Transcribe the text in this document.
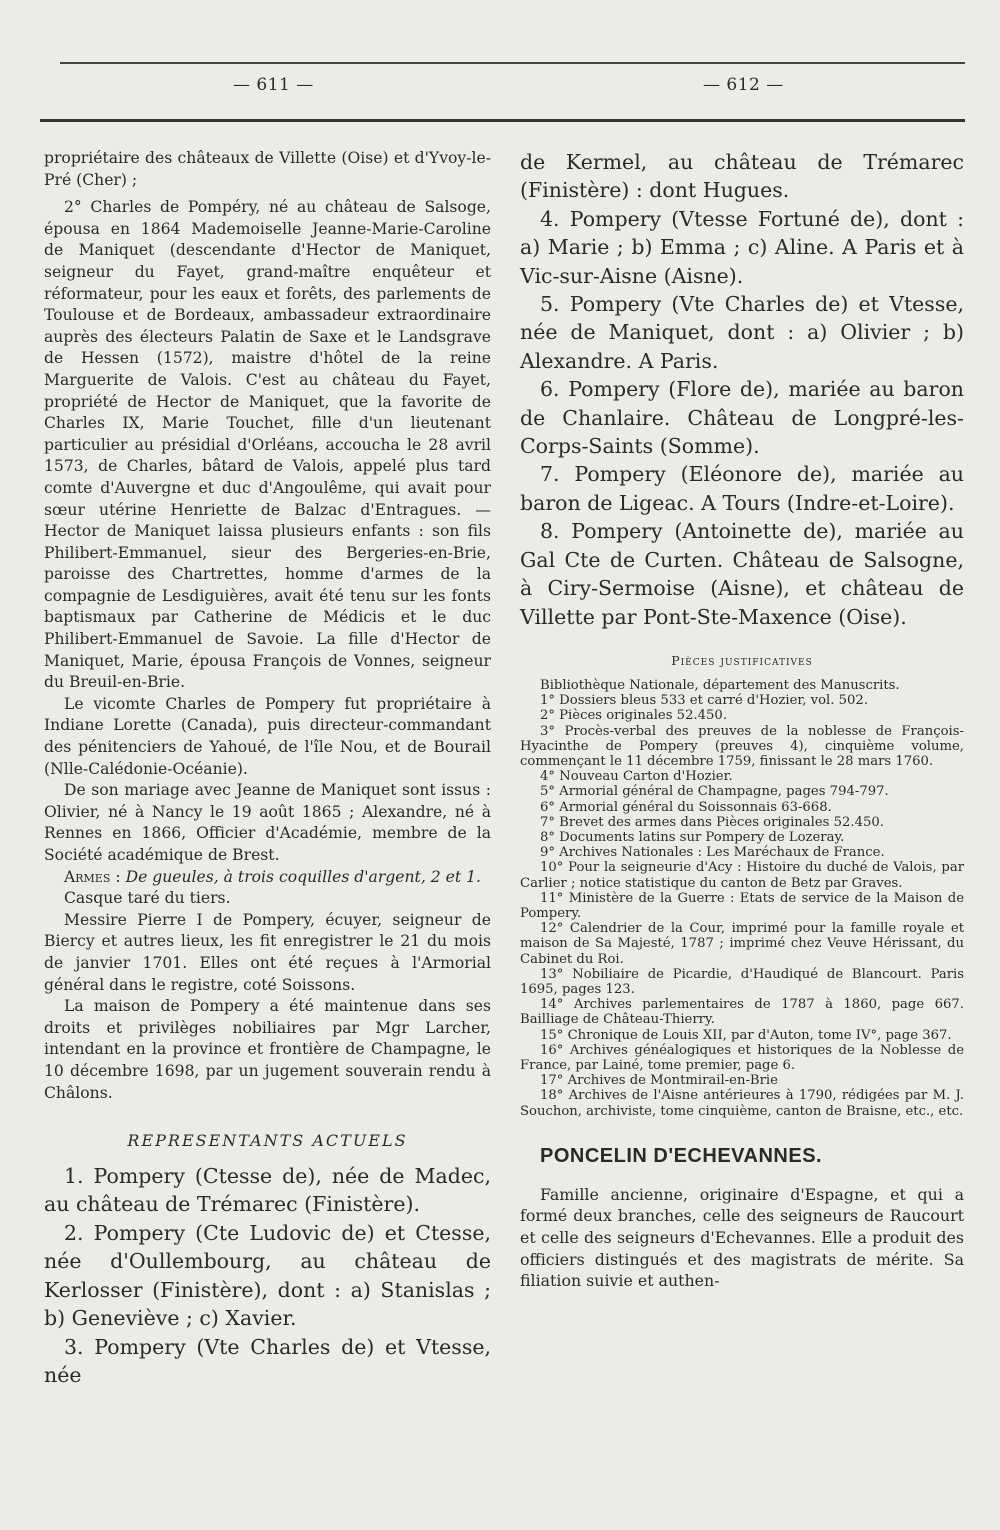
— 611 —	— 612 —

propriétaire des châteaux de Villette (Oise) et d'Yvoy-le-Pré (Cher) ;

2° Charles de Pompéry, né au château de Salsoge, épousa en 1864 Mademoiselle Jeanne-Marie-Caroline de Maniquet (descendante d'Hector de Maniquet, seigneur du Fayet, grand-maître enquêteur et réformateur, pour les eaux et forêts, des parlements de Toulouse et de Bordeaux, ambassadeur extraordinaire auprès des électeurs Palatin de Saxe et le Landsgrave de Hessen (1572), maistre d'hôtel de la reine Marguerite de Valois. C'est au château du Fayet, propriété de Hector de Maniquet, que la favorite de Charles IX, Marie Touchet, fille d'un lieutenant particulier au présidial d'Orléans, accoucha le 28 avril 1573, de Charles, bâtard de Valois, appelé plus tard comte d'Auvergne et duc d'Angoulême, qui avait pour sœur utérine Henriette de Balzac d'Entragues. — Hector de Maniquet laissa plusieurs enfants : son fils Philibert-Emmanuel, sieur des Bergeries-en-Brie, paroisse des Chartrettes, homme d'armes de la compagnie de Lesdiguières, avait été tenu sur les fonts baptismaux par Catherine de Médicis et le duc Philibert-Emmanuel de Savoie. La fille d'Hector de Maniquet, Marie, épousa François de Vonnes, seigneur du Breuil-en-Brie.

Le vicomte Charles de Pompery fut propriétaire à Indiane Lorette (Canada), puis directeur-commandant des pénitenciers de Yahoué, de l'île Nou, et de Bourail (Nlle-Calédonie-Océanie).

De son mariage avec Jeanne de Maniquet sont issus : Olivier, né à Nancy le 19 août 1865 ; Alexandre, né à Rennes en 1866, Officier d'Académie, membre de la Société académique de Brest.

Armes : De gueules, à trois coquilles d'argent, 2 et 1.

Casque taré du tiers.

Messire Pierre I de Pompery, écuyer, seigneur de Biercy et autres lieux, les fit enregistrer le 21 du mois de janvier 1701. Elles ont été reçues à l'Armorial général dans le registre, coté Soissons.

La maison de Pompery a été maintenue dans ses droits et privilèges nobiliaires par Mgr Larcher, intendant en la province et frontière de Champagne, le 10 décembre 1698, par un jugement souverain rendu à Châlons.

REPRESENTANTS ACTUELS

1. Pompery (Ctesse de), née de Madec, au château de Trémarec (Finistère).

2. Pompery (Cte Ludovic de) et Ctesse, née d'Oullembourg, au château de Kerlosser (Finistère), dont : a) Stanislas ; b) Geneviève ; c) Xavier.

3. Pompery (Vte Charles de) et Vtesse, née

de Kermel, au château de Trémarec (Finistère) : dont Hugues.

4. Pompery (Vtesse Fortuné de), dont : a) Marie ; b) Emma ; c) Aline. A Paris et à Vic-sur-Aisne (Aisne).

5. Pompery (Vte Charles de) et Vtesse, née de Maniquet, dont : a) Olivier ; b) Alexandre. A Paris.

6. Pompery (Flore de), mariée au baron de Chanlaire. Château de Longpré-les-Corps-Saints (Somme).

7. Pompery (Eléonore de), mariée au baron de Ligeac. A Tours (Indre-et-Loire).

8. Pompery (Antoinette de), mariée au Gal Cte de Curten. Château de Salsogne, à Ciry-Sermoise (Aisne), et château de Villette par Pont-Ste-Maxence (Oise).

Pièces justificatives

Bibliothèque Nationale, département des Manuscrits.

1° Dossiers bleus 533 et carré d'Hozier, vol. 502.

2° Pièces originales 52.450.

3° Procès-verbal des preuves de la noblesse de François-Hyacinthe de Pompery (preuves 4), cinquième volume, commençant le 11 décembre 1759, finissant le 28 mars 1760.

4° Nouveau Carton d'Hozier.

5° Armorial général de Champagne, pages 794-797.

6° Armorial général du Soissonnais 63-668.

7° Brevet des armes dans Pièces originales 52.450.

8° Documents latins sur Pompery de Lozeray.

9° Archives Nationales : Les Maréchaux de France.

10° Pour la seigneurie d'Acy : Histoire du duché de Valois, par Carlier ; notice statistique du canton de Betz par Graves.

11° Ministère de la Guerre : Etats de service de la Maison de Pompery.

12° Calendrier de la Cour, imprimé pour la famille royale et maison de Sa Majesté, 1787 ; imprimé chez Veuve Hérissant, du Cabinet du Roi.

13° Nobiliaire de Picardie, d'Haudiqué de Blancourt. Paris 1695, pages 123.

14° Archives parlementaires de 1787 à 1860, page 667. Bailliage de Château-Thierry.

15° Chronique de Louis XII, par d'Auton, tome IV°, page 367.

16° Archives généalogiques et historiques de la Noblesse de France, par Lainé, tome premier, page 6.

17° Archives de Montmirail-en-Brie

18° Archives de l'Aisne antérieures à 1790, rédigées par M. J. Souchon, archiviste, tome cinquième, canton de Braisne, etc., etc.

PONCELIN D'ECHEVANNES.

Famille ancienne, originaire d'Espagne, et qui a formé deux branches, celle des seigneurs de Raucourt et celle des seigneurs d'Echevannes. Elle a produit des officiers distingués et des magistrats de mérite. Sa filiation suivie et authen-
